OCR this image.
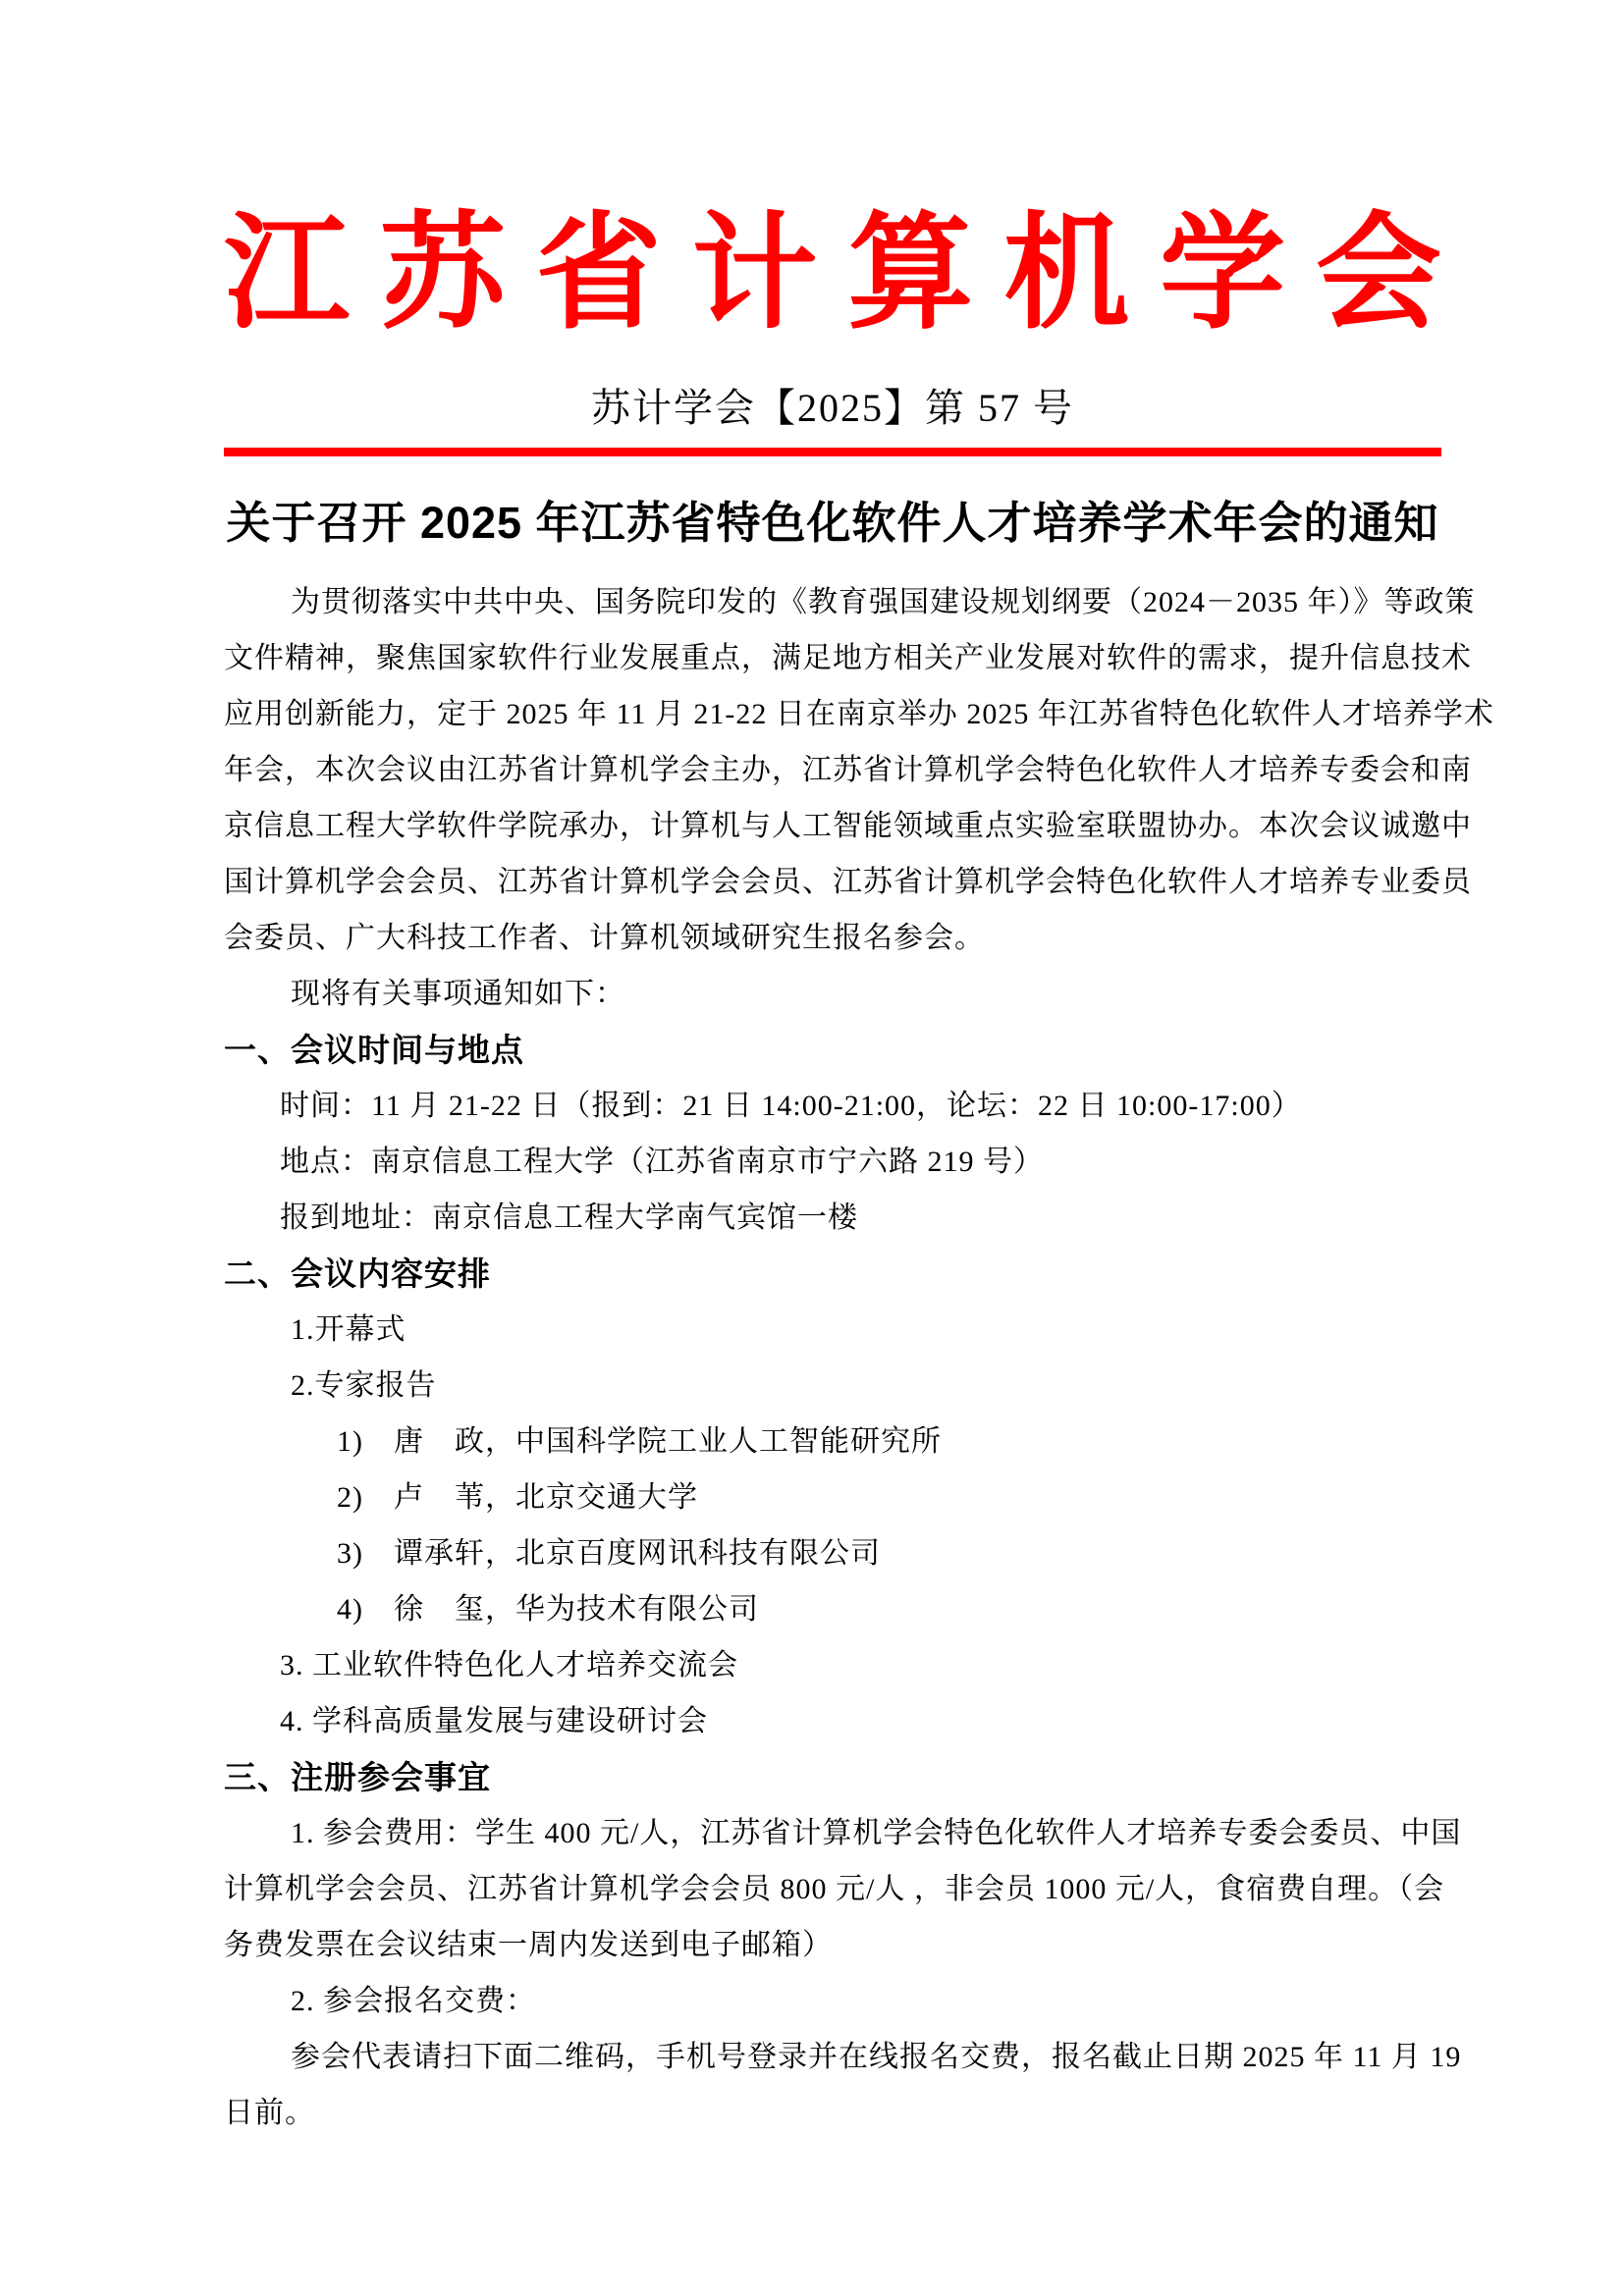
江苏省计算机学会
苏计学会【2025】第 57 号
关于召开 2025 年江苏省特色化软件人才培养学术年会的通知
为贯彻落实中共中央、国务院印发的《教育强国建设规划纲要（2024－2035 年）》等政策
文件精神，聚焦国家软件行业发展重点，满足地方相关产业发展对软件的需求，提升信息技术
应用创新能力，定于 2025 年 11 月 21-22 日在南京举办 2025 年江苏省特色化软件人才培养学术
年会，本次会议由江苏省计算机学会主办，江苏省计算机学会特色化软件人才培养专委会和南
京信息工程大学软件学院承办，计算机与人工智能领域重点实验室联盟协办。本次会议诚邀中
国计算机学会会员、江苏省计算机学会会员、江苏省计算机学会特色化软件人才培养专业委员
会委员、广大科技工作者、计算机领域研究生报名参会。
现将有关事项通知如下：
一、会议时间与地点
时间：11 月 21-22 日（报到：21 日 14:00-21:00，论坛：22 日 10:00-17:00）
地点：南京信息工程大学（江苏省南京市宁六路 219 号）
报到地址：南京信息工程大学南气宾馆一楼
二、会议内容安排
1.开幕式
2.专家报告
1)　唐　政，中国科学院工业人工智能研究所
2)　卢　苇，北京交通大学
3)　谭承轩，北京百度网讯科技有限公司
4)　徐　玺，华为技术有限公司
3. 工业软件特色化人才培养交流会
4. 学科高质量发展与建设研讨会
三、注册参会事宜
1. 参会费用：学生 400 元/人，江苏省计算机学会特色化软件人才培养专委会委员、中国
计算机学会会员、江苏省计算机学会会员 800 元/人 ，非会员 1000 元/人，食宿费自理。（会
务费发票在会议结束一周内发送到电子邮箱）
2. 参会报名交费：
参会代表请扫下面二维码，手机号登录并在线报名交费，报名截止日期 2025 年 11 月 19
日前。
